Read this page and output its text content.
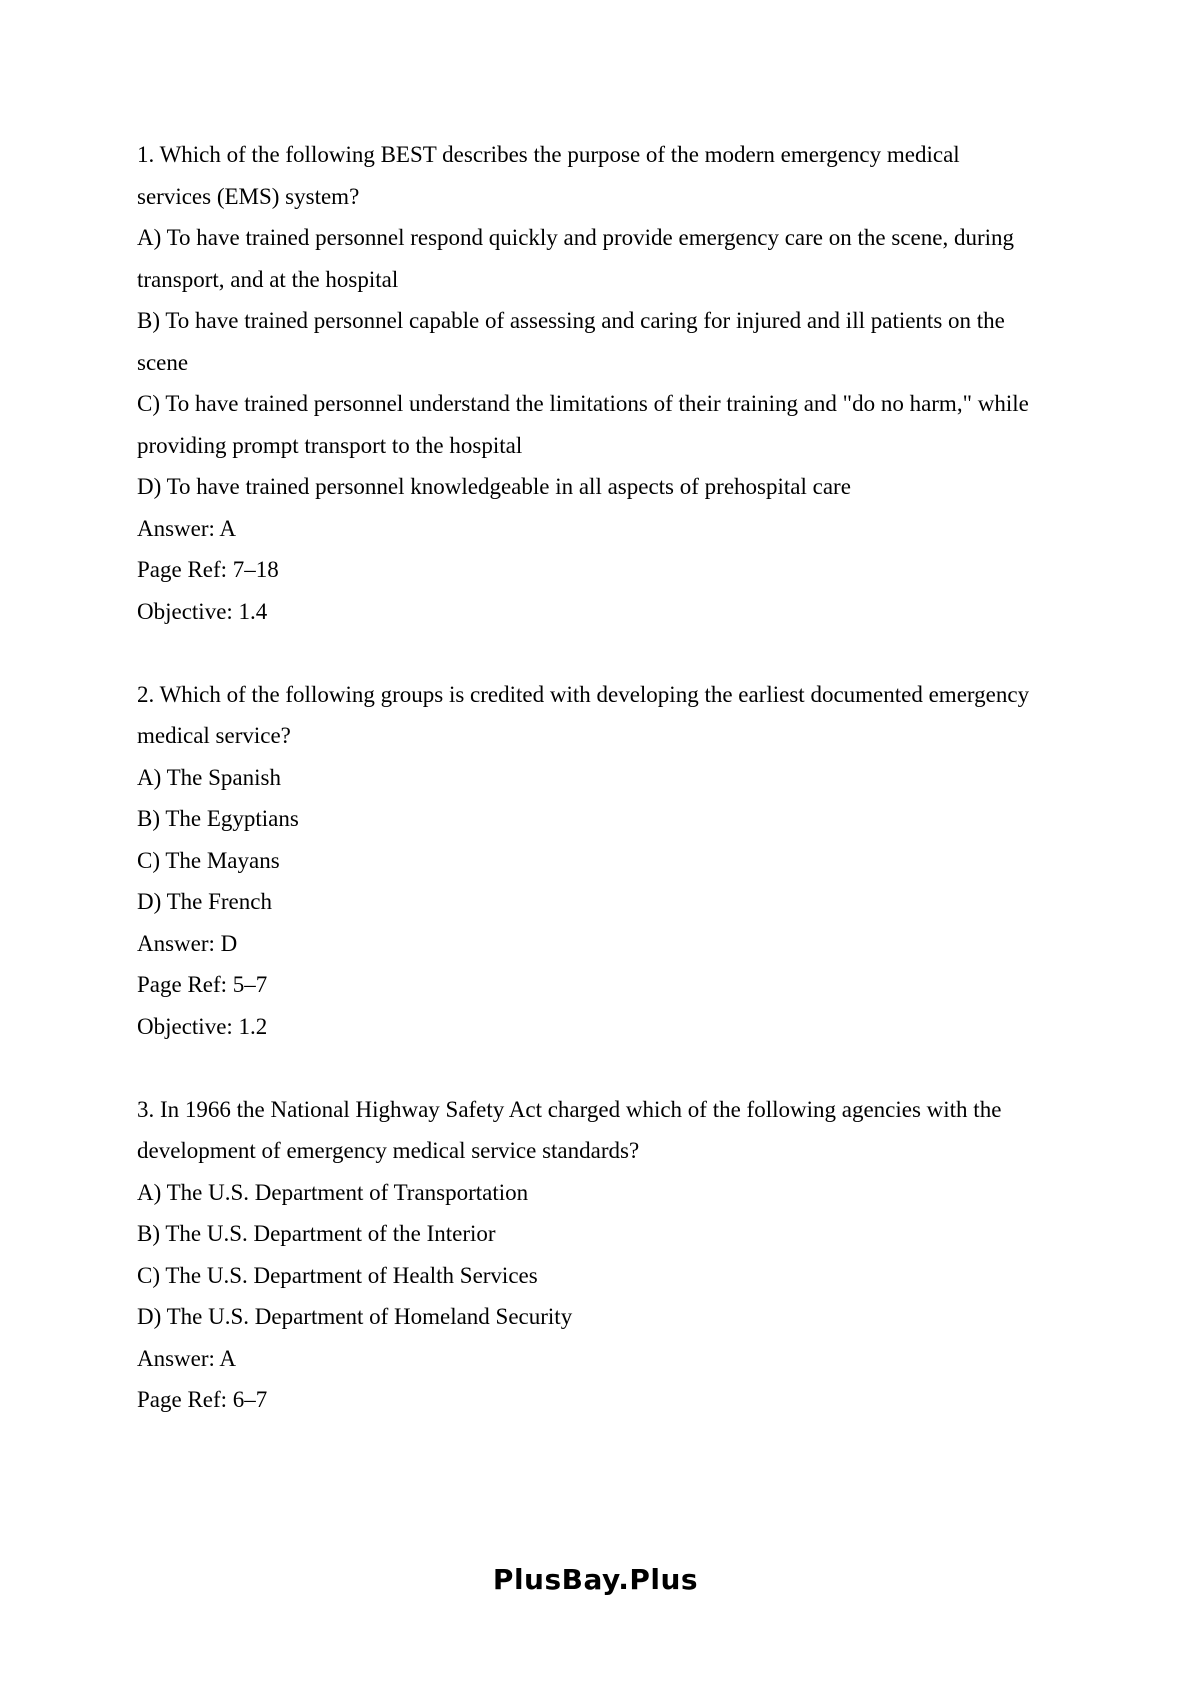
1. Which of the following BEST describes the purpose of the modern emergency medical
services (EMS) system?
A) To have trained personnel respond quickly and provide emergency care on the scene, during
transport, and at the hospital
B) To have trained personnel capable of assessing and caring for injured and ill patients on the
scene
C) To have trained personnel understand the limitations of their training and "do no harm," while
providing prompt transport to the hospital
D) To have trained personnel knowledgeable in all aspects of prehospital care
Answer: A
Page Ref: 7–18
Objective: 1.4
2. Which of the following groups is credited with developing the earliest documented emergency
medical service?
A) The Spanish
B) The Egyptians
C) The Mayans
D) The French
Answer: D
Page Ref: 5–7
Objective: 1.2
3. In 1966 the National Highway Safety Act charged which of the following agencies with the
development of emergency medical service standards?
A) The U.S. Department of Transportation
B) The U.S. Department of the Interior
C) The U.S. Department of Health Services
D) The U.S. Department of Homeland Security
Answer: A
Page Ref: 6–7
PlusBay.Plus
